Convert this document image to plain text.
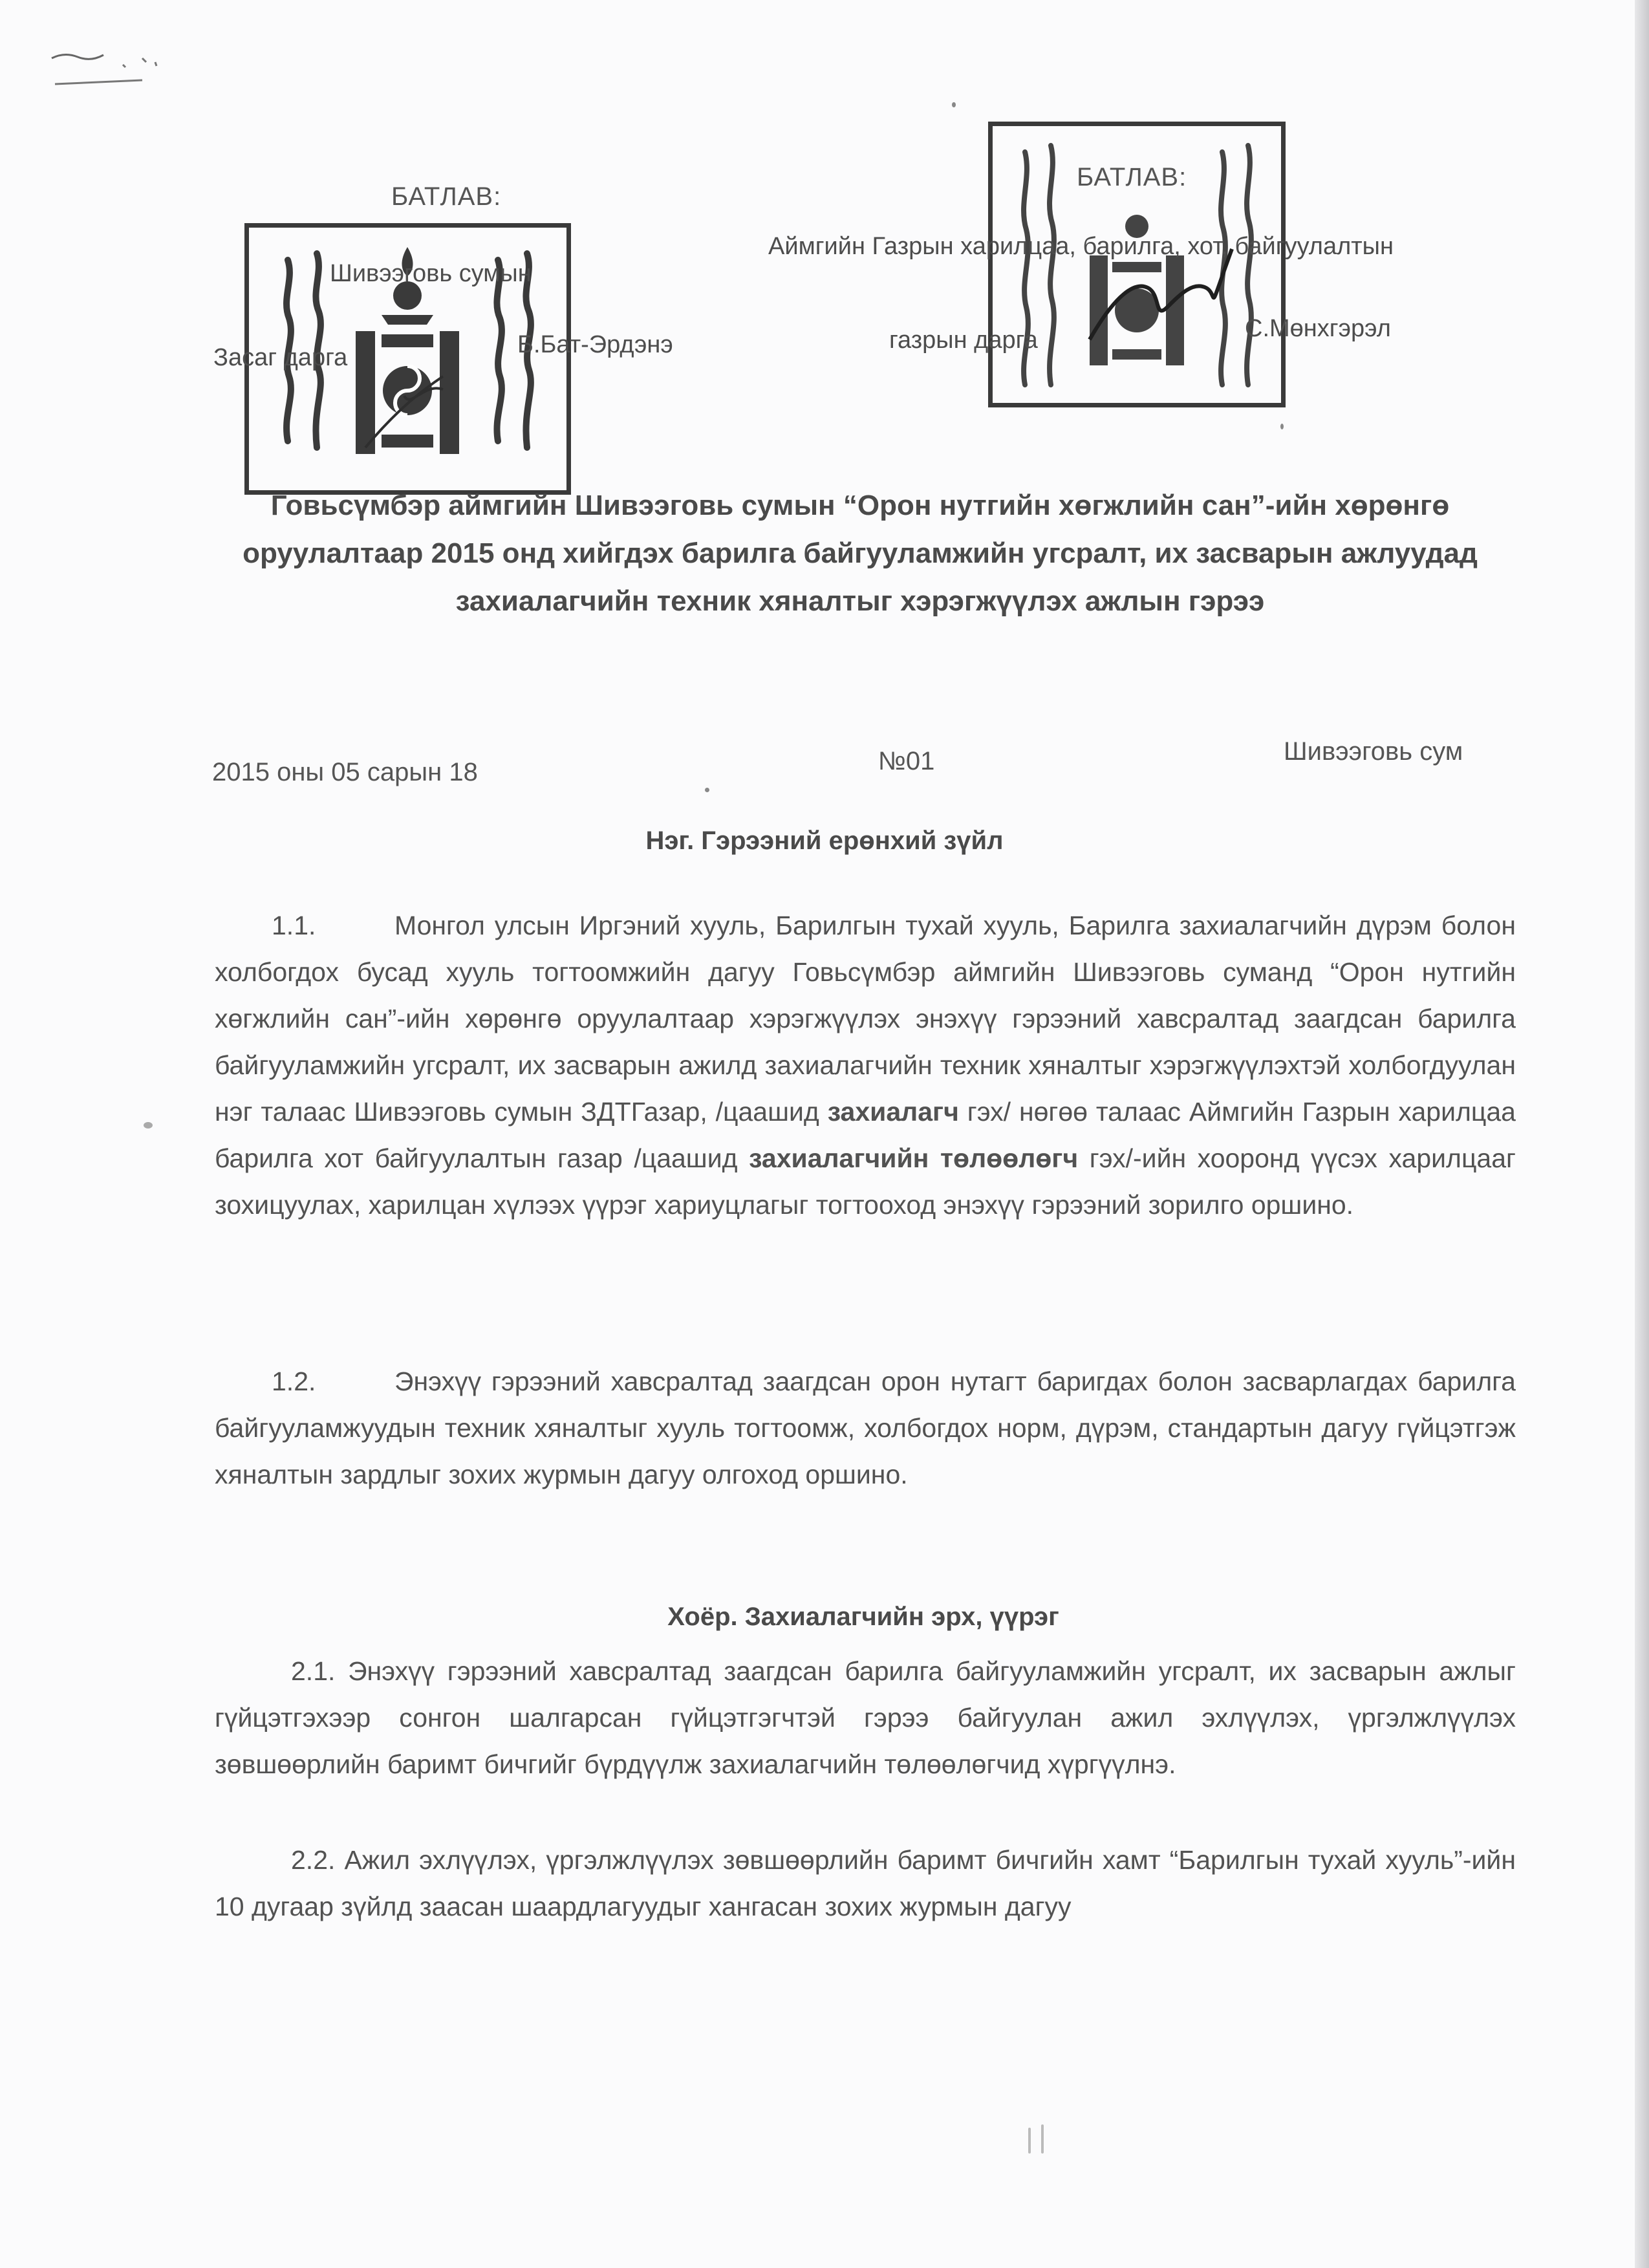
БАТЛАВ:
Шивээговь сумын
Засаг дарга	Б.Бат-Эрдэнэ
БАТЛАВ:
Аймгийн Газрын харилцаа, барилга, хот, байгуулалтын
газрын дарга	С.Мөнхгэрэл
Говьсүмбэр аймгийн Шивээговь сумын “Орон нутгийн хөгжлийн сан”-ийн хөрөнгө оруулалтаар 2015 онд хийгдэх барилга байгууламжийн угсралт, их засварын ажлуудад захиалагчийн техник хяналтыг хэрэгжүүлэх ажлын гэрээ
2015 оны 05 сарын 18	№01	Шивээговь сум
Нэг. Гэрээний ерөнхий зүйл
1.1.	Монгол улсын Иргэний хууль, Барилгын тухай хууль, Барилга захиалагчийн дүрэм болон холбогдох бусад хууль тогтоомжийн дагуу Говьсүмбэр аймгийн Шивээговь суманд “Орон нутгийн хөгжлийн сан”-ийн хөрөнгө оруулалтаар хэрэгжүүлэх энэхүү гэрээний хавсралтад заагдсан барилга байгууламжийн угсралт, их засварын ажилд захиалагчийн техник хяналтыг хэрэгжүүлэхтэй холбогдуулан нэг талаас Шивээговь сумын ЗДТГазар, /цаашид захиалагч гэх/ нөгөө талаас Аймгийн Газрын харилцаа барилга хот байгуулалтын газар /цаашид захиалагчийн төлөөлөгч гэх/-ийн хооронд үүсэх харилцааг зохицуулах, харилцан хүлээх үүрэг хариуцлагыг тогтооход энэхүү гэрээний зорилго оршино.
1.2.	Энэхүү гэрээний хавсралтад заагдсан орон нутагт баригдах болон засварлагдах барилга байгууламжуудын техник хяналтыг хууль тогтоомж, холбогдох норм, дүрэм, стандартын дагуу гүйцэтгэж хяналтын зардлыг зохих журмын дагуу олгоход оршино.
Хоёр. Захиалагчийн эрх, үүрэг
2.1. Энэхүү гэрээний хавсралтад заагдсан барилга байгууламжийн угсралт, их засварын ажлыг гүйцэтгэхээр сонгон шалгарсан гүйцэтгэгчтэй гэрээ байгуулан ажил эхлүүлэх, үргэлжлүүлэх зөвшөөрлийн баримт бичгийг бүрдүүлж захиалагчийн төлөөлөгчид хүргүүлнэ.
2.2. Ажил эхлүүлэх, үргэлжлүүлэх зөвшөөрлийн баримт бичгийн хамт “Барилгын тухай хууль”-ийн 10 дугаар зүйлд заасан шаардлагуудыг хангасан зохих журмын дагуу
